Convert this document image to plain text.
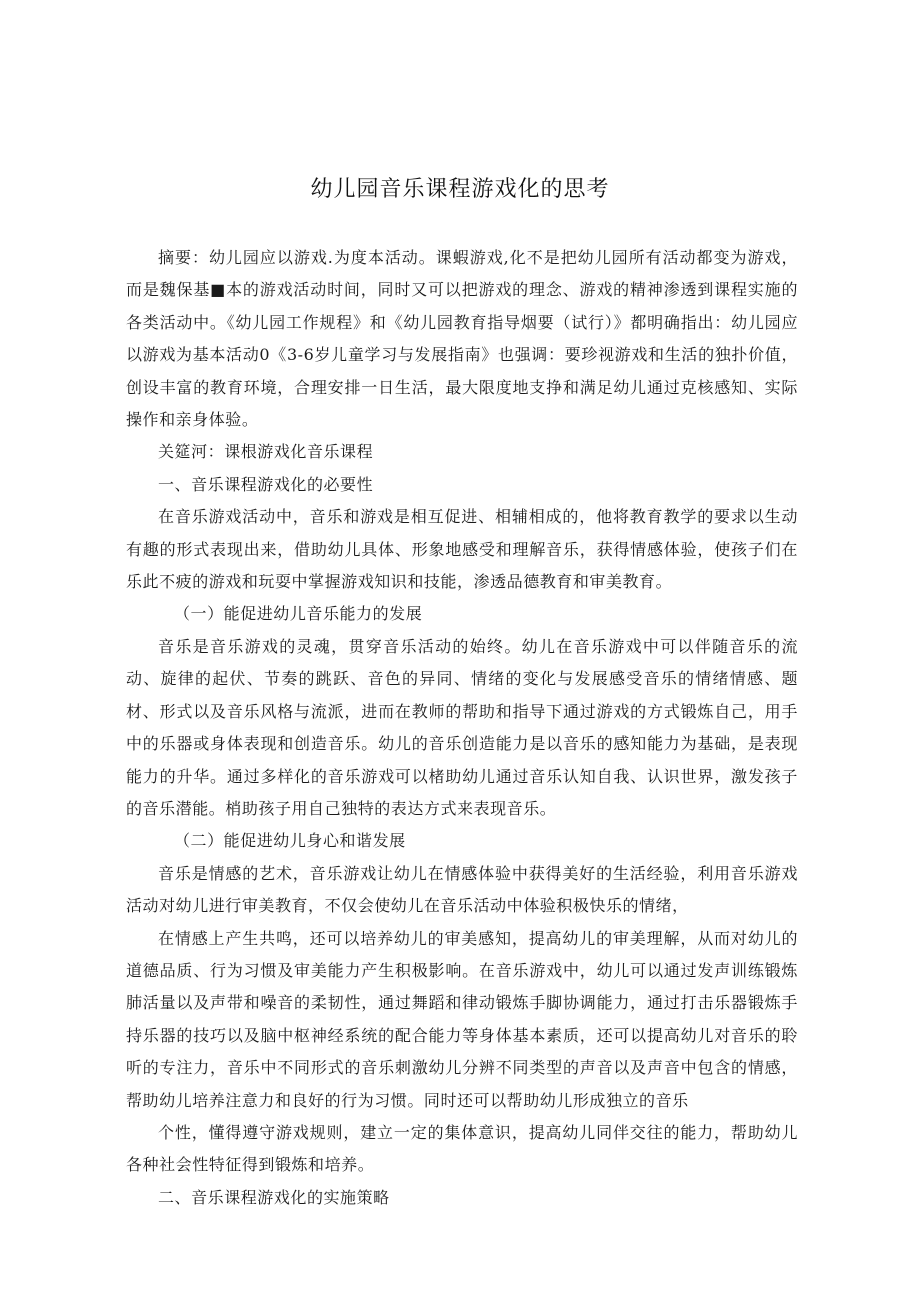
幼儿园音乐课程游戏化的思考

摘要：幼儿园应以游戏.为度本活动。课蝦游戏,化不是把幼儿园所有活动都变为游戏，而是魏保基■本的游戏活动时间，同时又可以把游戏的理念、游戏的精神渗透到课程实施的各类活动中。《幼儿园工作规程》和《幼儿园教育指导烟要（试行）》都明确指出：幼儿园应以游戏为基本活动0《3-6岁儿童学习与发展指南》也强调：要珍视游戏和生活的独扑价值，创设丰富的教育环境，合理安排一日生活，最大限度地支挣和满足幼儿通过克核感知、实际操作和亲身体验。

关筵河：课根游戏化音乐课程

一、音乐课程游戏化的必要性

在音乐游戏活动中，音乐和游戏是相互促进、相辅相成的，他将教育教学的要求以生动有趣的形式表现出来，借助幼儿具体、形象地感受和理解音乐，获得情感体验，使孩子们在乐此不疲的游戏和玩耍中掌握游戏知识和技能，渗透品德教育和审美教育。

（一）能促进幼儿音乐能力的发展

音乐是音乐游戏的灵魂，贯穿音乐活动的始终。幼儿在音乐游戏中可以伴随音乐的流动、旋律的起伏、节奏的跳跃、音色的异同、情绪的变化与发展感受音乐的情绪情感、题材、形式以及音乐风格与流派，进而在教师的帮助和指导下通过游戏的方式锻炼自己，用手中的乐器或身体表现和创造音乐。幼儿的音乐创造能力是以音乐的感知能力为基础，是表现能力的升华。通过多样化的音乐游戏可以楮助幼儿通过音乐认知自我、认识世界，激发孩子的音乐潜能。梢助孩子用自己独特的表达方式来表现音乐。

（二）能促进幼儿身心和谐发展

音乐是情感的艺术，音乐游戏让幼儿在情感体验中获得美好的生活经验，利用音乐游戏活动对幼儿进行审美教育，不仅会使幼儿在音乐活动中体验积极快乐的情绪，

在情感上产生共鸣，还可以培养幼儿的审美感知，提高幼儿的审美理解，从而对幼儿的道德品质、行为习惯及审美能力产生积极影响。在音乐游戏中，幼儿可以通过发声训练锻炼肺活量以及声带和噪音的柔韧性，通过舞蹈和律动锻炼手脚协调能力，通过打击乐器锻炼手持乐器的技巧以及脑中枢神经系统的配合能力等身体基本素质，还可以提高幼儿对音乐的聆听的专注力，音乐中不同形式的音乐刺激幼儿分辨不同类型的声音以及声音中包含的情感，帮助幼儿培养注意力和良好的行为习惯。同时还可以帮助幼儿形成独立的音乐

个性，懂得遵守游戏规则，建立一定的集体意识，提高幼儿同伴交往的能力，帮助幼儿各种社会性特征得到锻炼和培养。

二、音乐课程游戏化的实施策略
